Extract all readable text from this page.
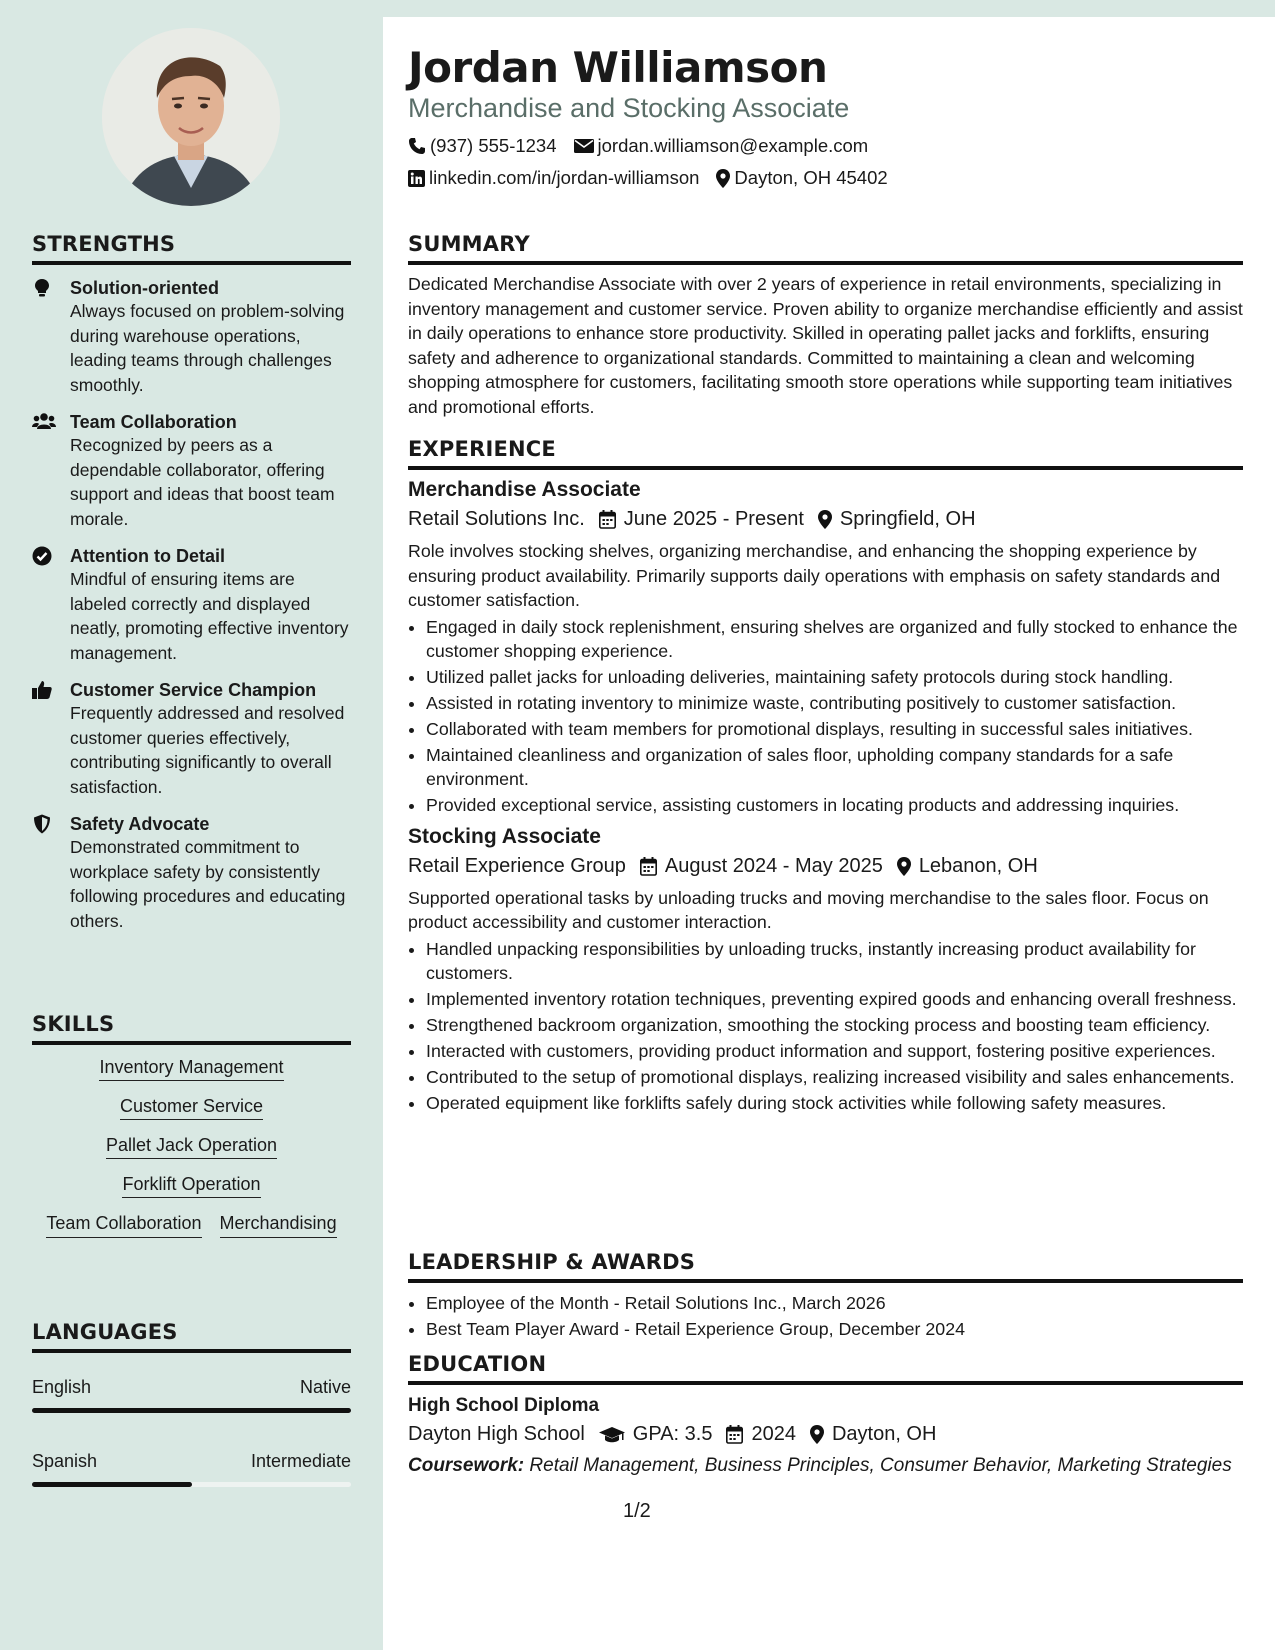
STRENGTHS
Solution-oriented
Always focused on problem-solving during warehouse operations, leading teams through challenges smoothly.
Team Collaboration
Recognized by peers as a dependable collaborator, offering support and ideas that boost team morale.
Attention to Detail
Mindful of ensuring items are labeled correctly and displayed neatly, promoting effective inventory management.
Customer Service Champion
Frequently addressed and resolved customer queries effectively, contributing significantly to overall satisfaction.
Safety Advocate
Demonstrated commitment to workplace safety by consistently following procedures and educating others.
SKILLS
Inventory Management
Customer Service
Pallet Jack Operation
Forklift Operation
Team Collaboration Merchandising
LANGUAGES
English	Native
Spanish	Intermediate
Jordan Williamson
Merchandise and Stocking Associate
(937) 555-1234 jordan.williamson@example.com
linkedin.com/in/jordan-williamson Dayton, OH 45402
SUMMARY
Dedicated Merchandise Associate with over 2 years of experience in retail environments, specializing in inventory management and customer service. Proven ability to organize merchandise efficiently and assist in daily operations to enhance store productivity. Skilled in operating pallet jacks and forklifts, ensuring safety and adherence to organizational standards. Committed to maintaining a clean and welcoming shopping atmosphere for customers, facilitating smooth store operations while supporting team initiatives and promotional efforts.
EXPERIENCE
Merchandise Associate
Retail Solutions Inc. June 2025 - Present Springfield, OH
Role involves stocking shelves, organizing merchandise, and enhancing the shopping experience by ensuring product availability. Primarily supports daily operations with emphasis on safety standards and customer satisfaction.
• Engaged in daily stock replenishment, ensuring shelves are organized and fully stocked to enhance the customer shopping experience.
• Utilized pallet jacks for unloading deliveries, maintaining safety protocols during stock handling.
• Assisted in rotating inventory to minimize waste, contributing positively to customer satisfaction.
• Collaborated with team members for promotional displays, resulting in successful sales initiatives.
• Maintained cleanliness and organization of sales floor, upholding company standards for a safe environment.
• Provided exceptional service, assisting customers in locating products and addressing inquiries.
Stocking Associate
Retail Experience Group August 2024 - May 2025 Lebanon, OH
Supported operational tasks by unloading trucks and moving merchandise to the sales floor. Focus on product accessibility and customer interaction.
• Handled unpacking responsibilities by unloading trucks, instantly increasing product availability for customers.
• Implemented inventory rotation techniques, preventing expired goods and enhancing overall freshness.
• Strengthened backroom organization, smoothing the stocking process and boosting team efficiency.
• Interacted with customers, providing product information and support, fostering positive experiences.
• Contributed to the setup of promotional displays, realizing increased visibility and sales enhancements.
• Operated equipment like forklifts safely during stock activities while following safety measures.
LEADERSHIP & AWARDS
• Employee of the Month - Retail Solutions Inc., March 2026
• Best Team Player Award - Retail Experience Group, December 2024
EDUCATION
High School Diploma
Dayton High School GPA: 3.5 2024 Dayton, OH
Coursework: Retail Management, Business Principles, Consumer Behavior, Marketing Strategies
1/2
